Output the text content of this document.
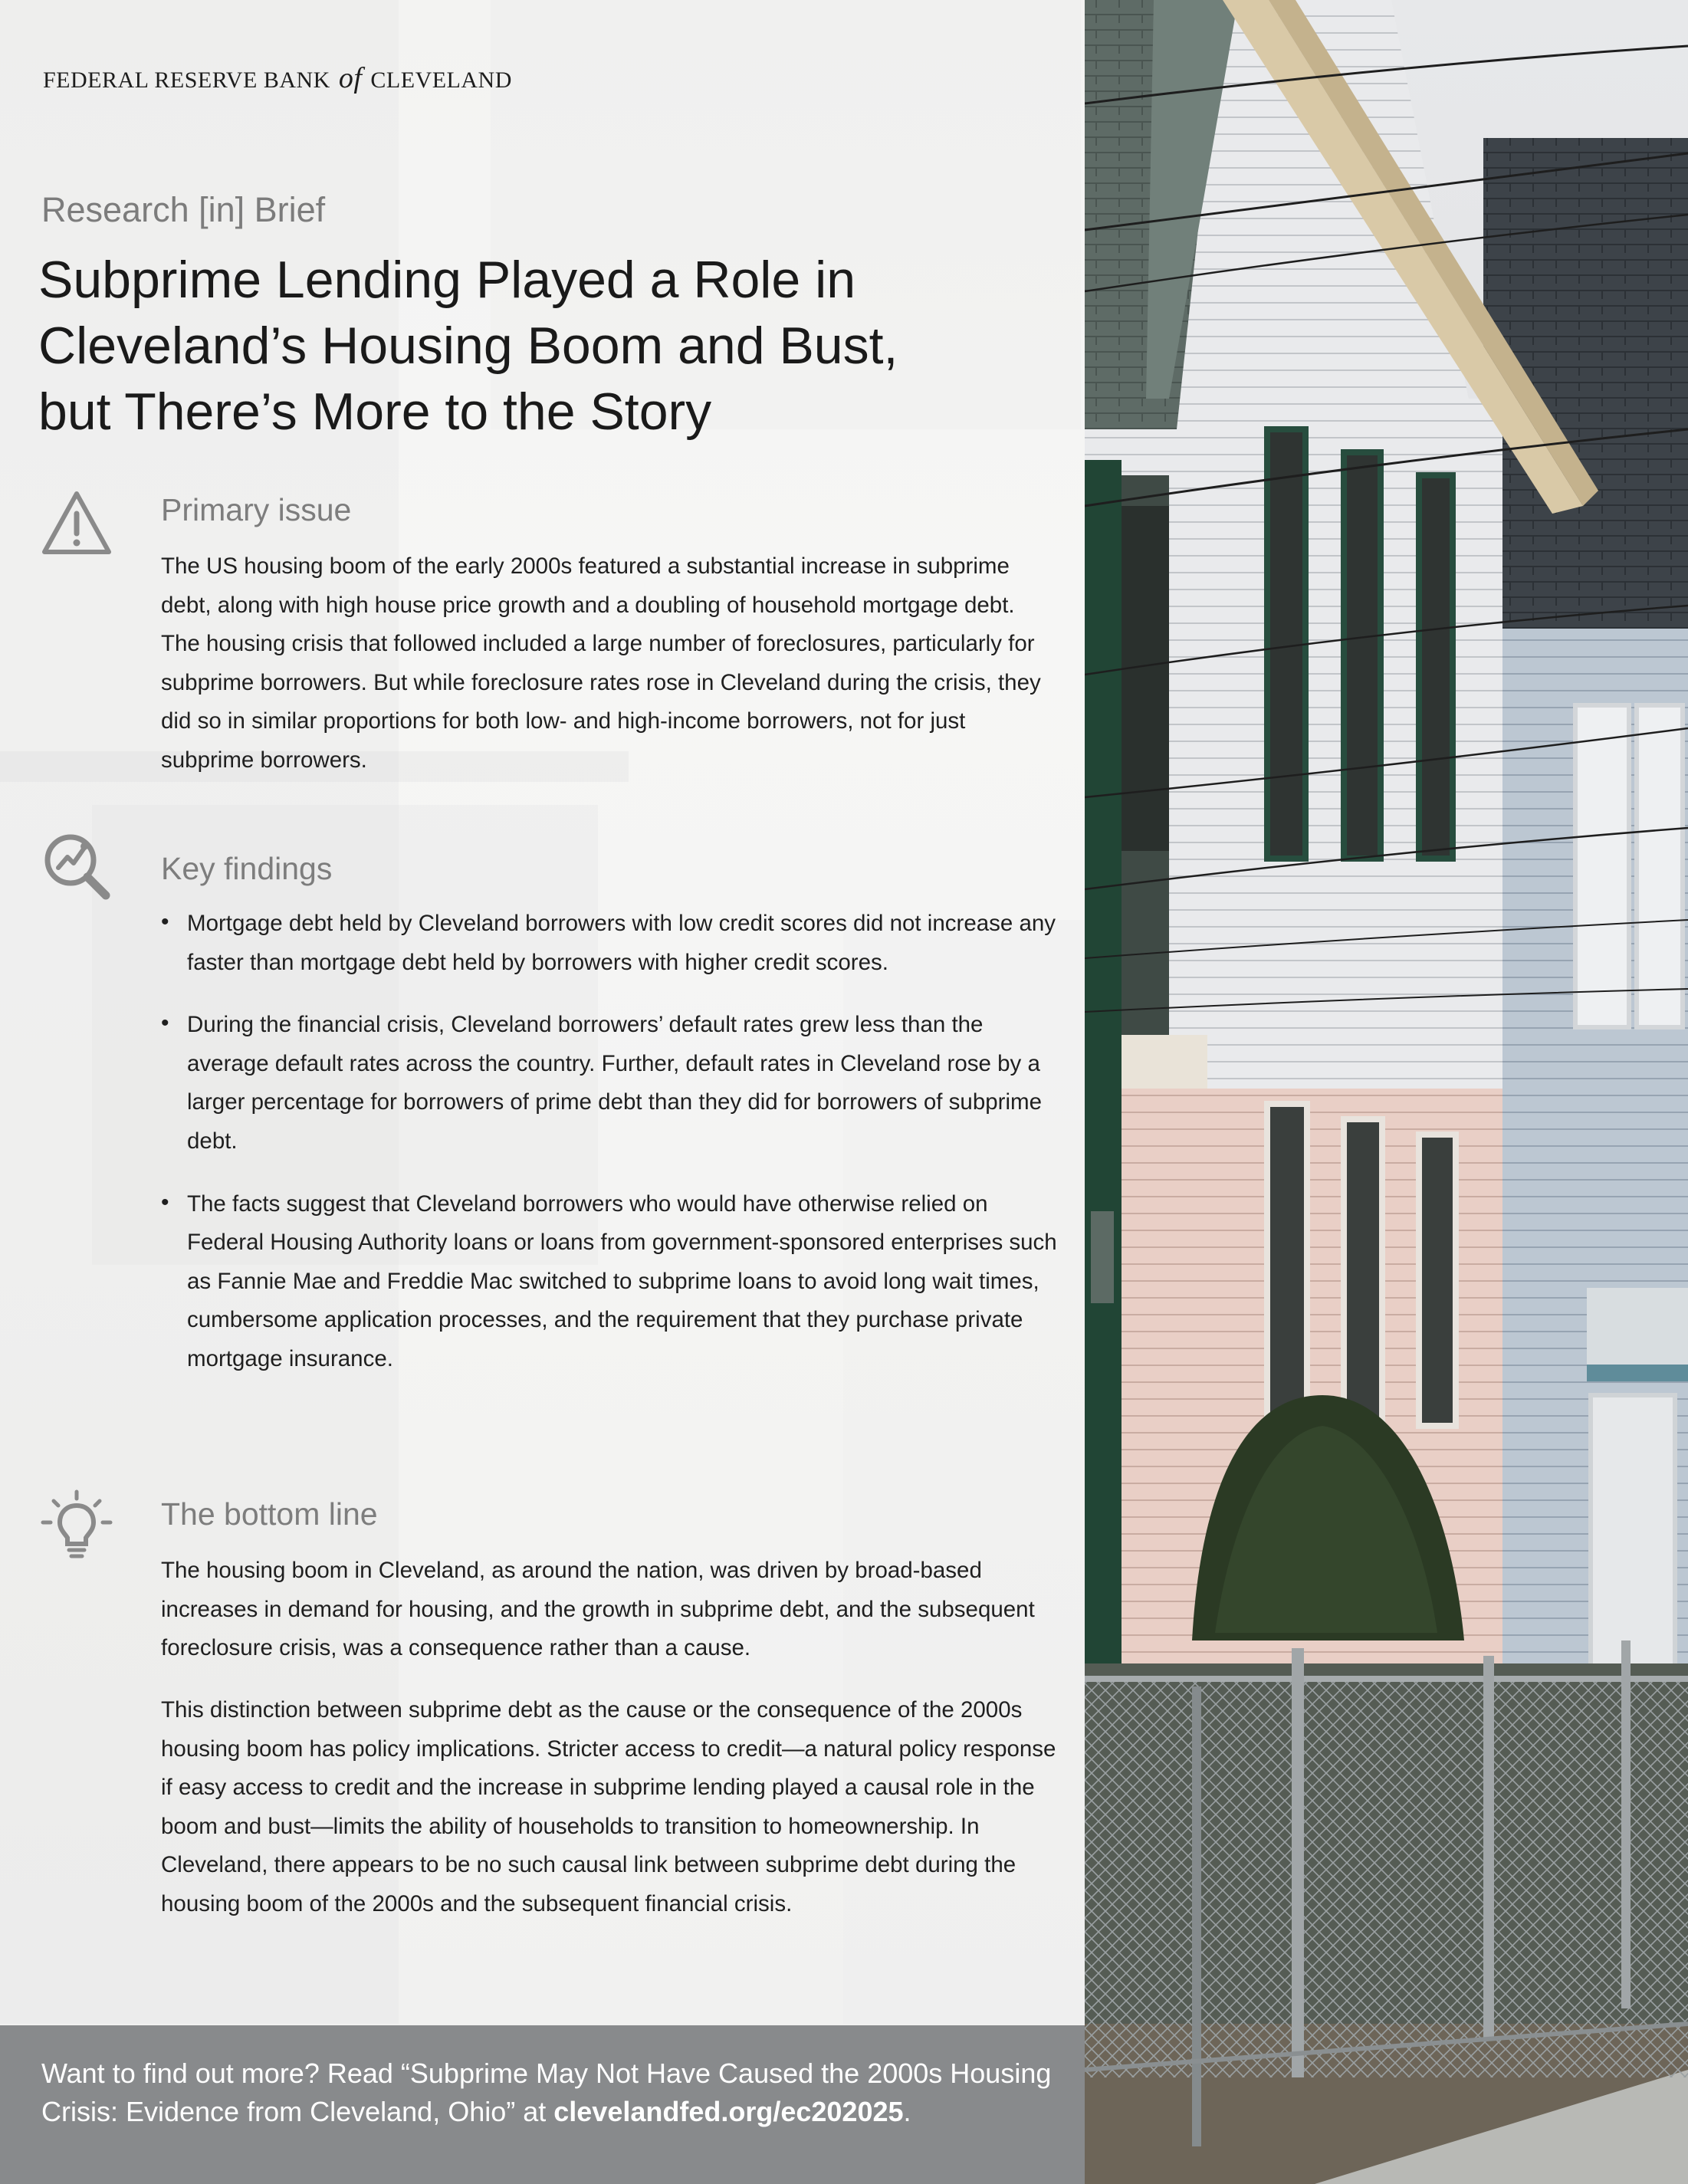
FEDERAL RESERVE BANK of CLEVELAND
Research [in] Brief
Subprime Lending Played a Role in
Cleveland’s Housing Boom and Bust,
but There’s More to the Story
Primary issue

The US housing boom of the early 2000s featured a substantial increase in subprime debt, along with high house price growth and a doubling of household mortgage debt. The housing crisis that followed included a large number of foreclosures, particularly for subprime borrowers. But while foreclosure rates rose in Cleveland during the crisis, they did so in similar proportions for both low- and high-income borrowers, not for just subprime borrowers.

Key findings
• Mortgage debt held by Cleveland borrowers with low credit scores did not increase any faster than mortgage debt held by borrowers with higher credit scores.
• During the financial crisis, Cleveland borrowers’ default rates grew less than the average default rates across the country. Further, default rates in Cleveland rose by a larger percentage for borrowers of prime debt than they did for borrowers of subprime debt.
• The facts suggest that Cleveland borrowers who would have otherwise relied on Federal Housing Authority loans or loans from government-sponsored enterprises such as Fannie Mae and Freddie Mac switched to subprime loans to avoid long wait times, cumbersome application processes, and the requirement that they purchase private mortgage insurance.
The bottom line

The housing boom in Cleveland, as around the nation, was driven by broad-based increases in demand for housing, and the growth in subprime debt, and the subsequent foreclosure crisis, was a consequence rather than a cause.

This distinction between subprime debt as the cause or the consequence of the 2000s housing boom has policy implications. Stricter access to credit—a natural policy response if easy access to credit and the increase in subprime lending played a causal role in the boom and bust—limits the ability of households to transition to homeownership. In Cleveland, there appears to be no such causal link between subprime debt during the housing boom of the 2000s and the subsequent financial crisis.

Want to find out more? Read “Subprime May Not Have Caused the 2000s Housing Crisis: Evidence from Cleveland, Ohio” at clevelandfed.org/ec202025.
